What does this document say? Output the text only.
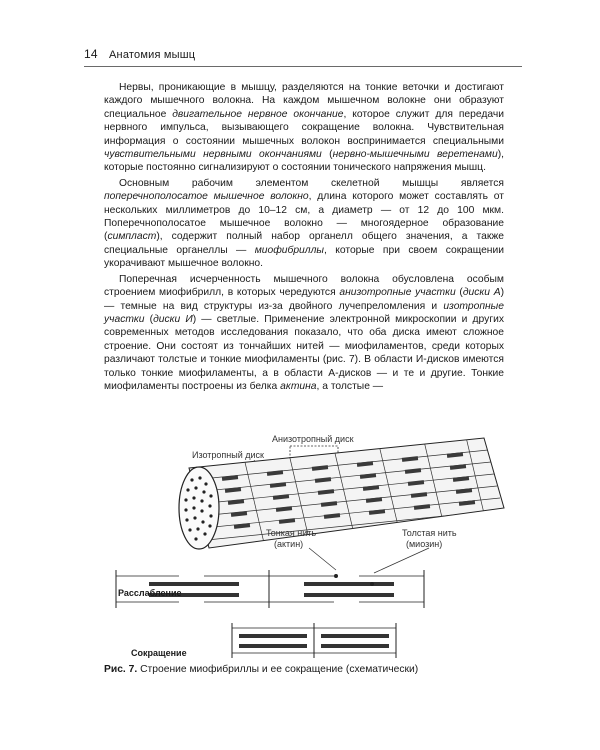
14 Анатомия мышц

Нервы, проникающие в мышцу, разделяются на тонкие веточки и достигают каждого мышечного волокна. На каждом мышечном волокне они образуют специальное двигательное нервное окончание, которое служит для передачи нервного импульса, вызывающего сокращение волокна. Чувствительная информация о состоянии мышечных волокон воспринимается специальными чувствительными нервными окончаниями (нервно-мышечными веретенами), которые постоянно сигнализируют о состоянии тонического напряжения мышц.

Основным рабочим элементом скелетной мышцы является поперечнополосатое мышечное волокно, длина которого может составлять от нескольких миллиметров до 10–12 см, а диаметр — от 12 до 100 мкм. Поперечнополосатое мышечное волокно — многоядерное образование (симпласт), содержит полный набор органелл общего значения, а также специальные органеллы — миофибриллы, которые при своем сокращении укорачивают мышечное волокно.

Поперечная исчерченность мышечного волокна обусловлена особым строением миофибрилл, в которых чередуются анизотропные участки (диски А) — темные на вид структуры из-за двойного лучепреломления и изотропные участки (диски И) — светлые. Применение электронной микроскопии и других современных методов исследования показало, что оба диска имеют сложное строение. Они состоят из тончайших нитей — миофиламентов, среди которых различают толстые и тонкие миофиламенты (рис. 7). В области И-дисков имеются только тонкие миофиламенты, а в области А-дисков — и те и другие. Тонкие миофиламенты построены из белка актина, а толстые —

Анизотропный диск
Изотропный диск
Тонкая нить
(актин)
Толстая нить
(миозин)
Расслабление
Сокращение
Рис. 7. Строение миофибриллы и ее сокращение (схематически)
